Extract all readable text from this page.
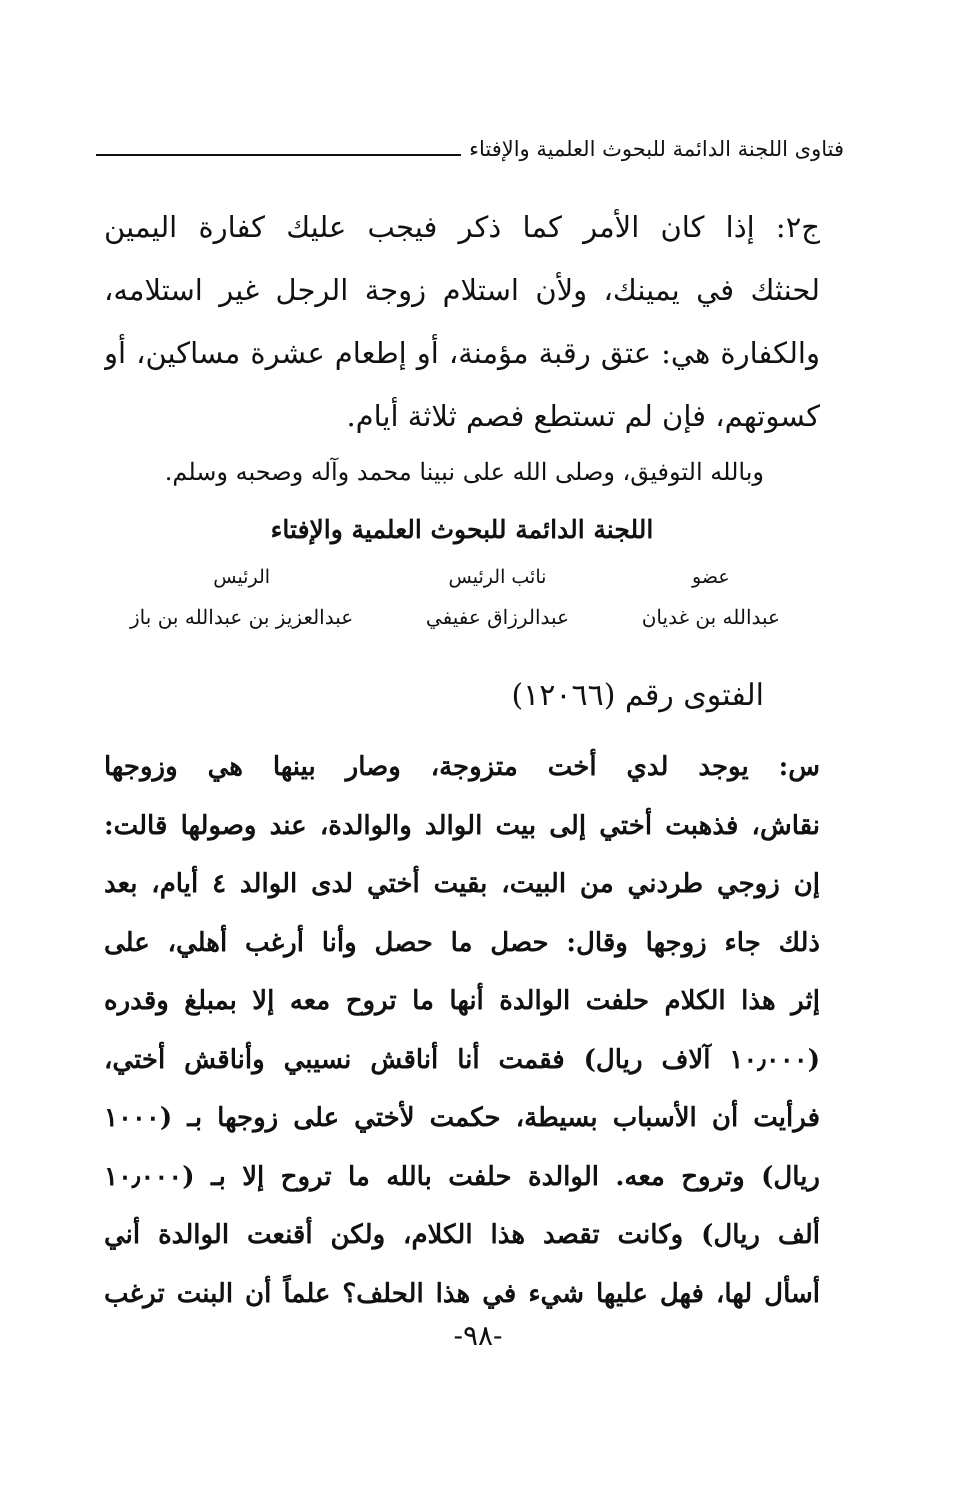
فتاوى اللجنة الدائمة للبحوث العلمية والإفتاء
ج٢: إذا كان الأمر كما ذكر فيجب عليك كفارة اليمين
لحنثك في يمينك، ولأن استلام زوجة الرجل غير استلامه،
والكفارة هي: عتق رقبة مؤمنة، أو إطعام عشرة مساكين، أو
كسوتهم، فإن لم تستطع فصم ثلاثة أيام.
وبالله التوفيق، وصلى الله على نبينا محمد وآله وصحبه وسلم.
اللجنة الدائمة للبحوث العلمية والإفتاء
عضو
عبدالله بن غديان
نائب الرئيس
عبدالرزاق عفيفي
الرئيس
عبدالعزيز بن عبدالله بن باز
الفتوى رقم (١٢٠٦٦)
س: يوجد لدي أخت متزوجة، وصار بينها هي وزوجها
نقاش، فذهبت أختي إلى بيت الوالد والوالدة، عند وصولها قالت:
إن زوجي طردني من البيت، بقيت أختي لدى الوالد ٤ أيام، بعد
ذلك جاء زوجها وقال: حصل ما حصل وأنا أرغب أهلي، على
إثر هذا الكلام حلفت الوالدة أنها ما تروح معه إلا بمبلغ وقدره
(١٠٫٠٠٠ آلاف ريال) فقمت أنا أناقش نسيبي وأناقش أختي،
فرأيت أن الأسباب بسيطة، حكمت لأختي على زوجها بـ (١٠٠٠
ريال) وتروح معه. الوالدة حلفت بالله ما تروح إلا بـ (١٠٫٠٠٠
ألف ريال) وكانت تقصد هذا الكلام، ولكن أقنعت الوالدة أني
أسأل لها، فهل عليها شيء في هذا الحلف؟ علماً أن البنت ترغب
-٩٨-
